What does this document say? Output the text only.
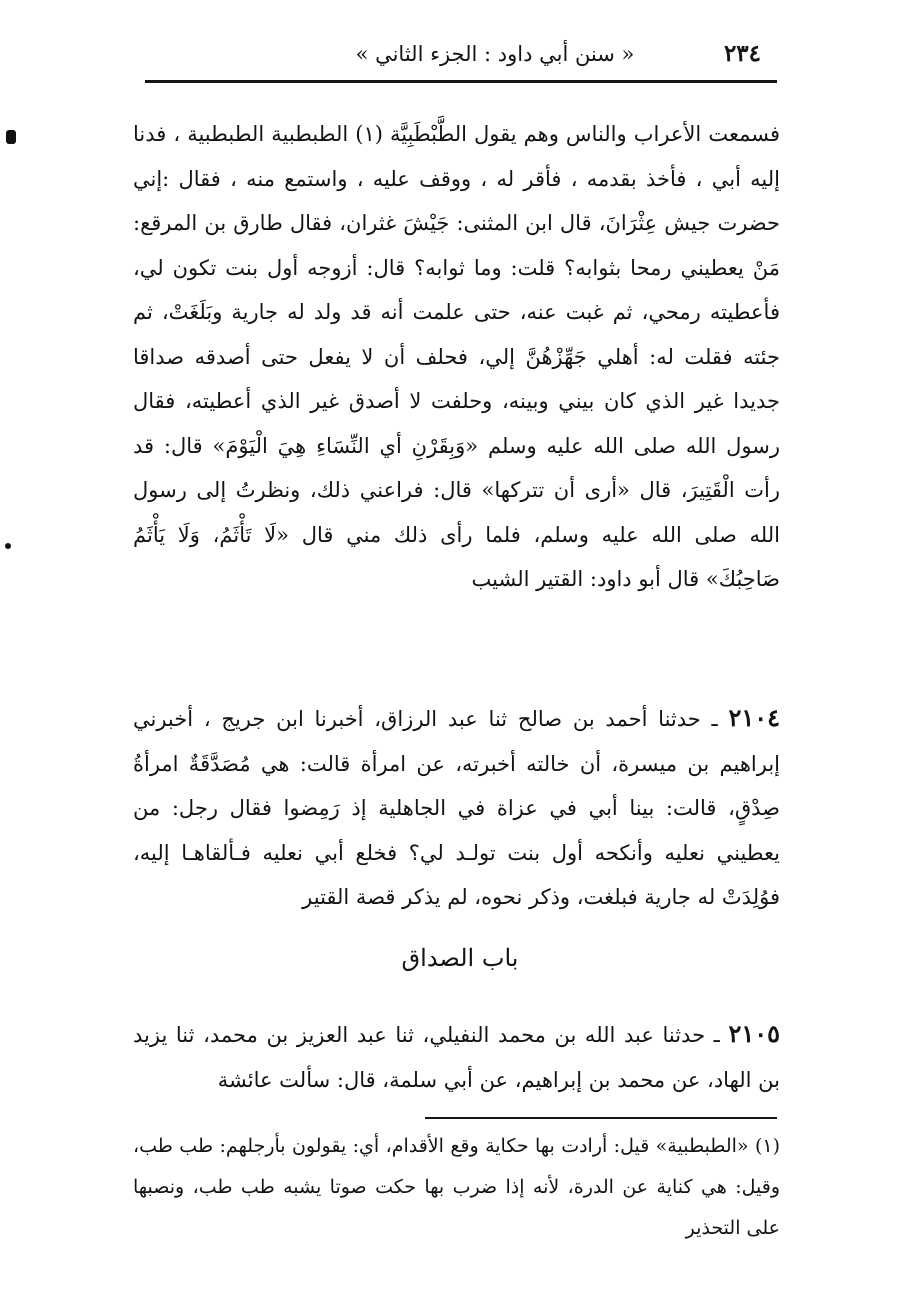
« سنن أبي داود : الجزء الثاني »	٢٣٤

فسمعت الأعراب والناس وهم يقول الطَّبْطَبِيَّة (١) الطبطبية الطبطبية ، فدنا إليه أبي ، فأخذ بقدمه ، فأقر له ، ووقف عليه ، واستمع منه ، فقال :إني حضرت جيش عِثْرَانَ، قال ابن المثنى: جَيْشَ غثران، فقال طارق بن المرقع: مَنْ يعطيني رمحا بثوابه؟ قلت: وما ثوابه؟ قال: أزوجه أول بنت تكون لي، فأعطيته رمحي، ثم غبت عنه، حتى علمت أنه قد ولد له جارية وبَلَغَتْ، ثم جئته فقلت له: أهلي جَهِّزْهُنَّ إلي، فحلف أن لا يفعل حتى أصدقه صداقا جديدا غير الذي كان بيني وبينه، وحلفت لا أصدق غير الذي أعطيته، فقال رسول الله صلى الله عليه وسلم «وَبِقَرْنِ أي النِّسَاءِ هِيَ الْيَوْمَ» قال: قد رأت الْقَتِيرَ، قال «أرى أن تتركها» قال: فراعني ذلك، ونظرتُ إلى رسول الله صلى الله عليه وسلم، فلما رأى ذلك مني قال «لَا تَأْثَمُ، وَلَا يَأْثَمُ صَاحِبُكَ» قال أبو داود: القتير الشيب

٢١٠٤ ـ حدثنا أحمد بن صالح ثنا عبد الرزاق، أخبرنا ابن جريج ، أخبرني إبراهيم بن ميسرة، أن خالته أخبرته، عن امرأة قالت: هي مُصَدَّقَةٌ امرأةُ صِدْقٍ، قالت: بينا أبي في عزاة في الجاهلية إذ رَمِضوا فقال رجل: من يعطيني نعليه وأنكحه أول بنت تولـد لي؟ فخلع أبي نعليه فـألقاهـا إليه، فوُلِدَتْ له جارية فبلغت، وذكر نحوه، لم يذكر قصة القتير

باب الصداق

٢١٠٥ ـ حدثنا عبد الله بن محمد النفيلي، ثنا عبد العزيز بن محمد، ثنا يزيد بن الهاد، عن محمد بن إبراهيم، عن أبي سلمة، قال: سألت عائشة

(١) «الطبطبية» قيل: أرادت بها حكاية وقع الأقدام، أي: يقولون بأرجلهم: طب طب، وقيل: هي كناية عن الدرة، لأنه إذا ضرب بها حكت صوتا يشبه طب طب، ونصبها على التحذير
